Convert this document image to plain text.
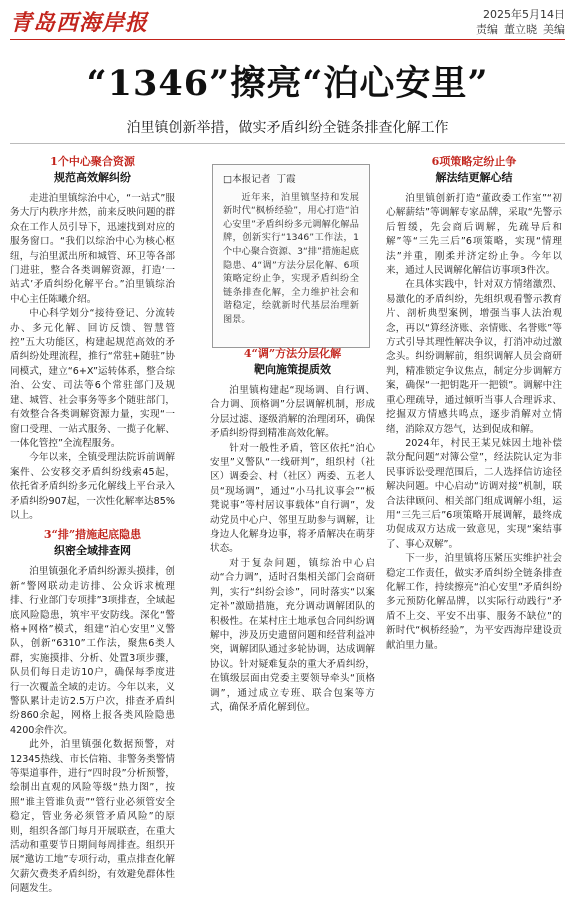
青岛西海岸报	2025年5月14日
责编 董立晓 美编
“1346”擦亮“泊心安里”
泊里镇创新举措，做实矛盾纠纷全链条排查化解工作
1个中心聚合资源
规范高效解纠纷

走进泊里镇综治中心，“一站式”服务大厅内秩序井然，前来反映问题的群众在工作人员引导下，迅速找到对应的服务窗口。“我们以综治中心为核心枢纽，与泊里派出所和城管、环卫等各部门进驻，整合各类调解资源，打造‘一站式’矛盾纠纷化解平台。”泊里镇综治中心主任陈曦介绍。

中心科学划分“接待登记、分流转办、多元化解、回访反馈、智慧管控”五大功能区，构建起规范高效的矛盾纠纷处理流程，推行“常驻+随驻”协同模式，建立“6+X”运转体系，整合综治、公安、司法等6个常驻部门及规建、城管、社会事务等多个随驻部门，有效整合各类调解资源力量，实现“一窗口受理、一站式服务、一揽子化解、一体化管控”全流程服务。

今年以来，全镇受理法院诉前调解案件、公安移交矛盾纠纷线索45起，依托省矛盾纠纷多元化解线上平台录入矛盾纠纷907起，一次性化解率达85%以上。

3“排”措施起底隐患
织密全域排查网

泊里镇强化矛盾纠纷源头摸排，创新“警网联动走访排、公众诉求梳理排、行业部门专项排”3项排查，全域起底风险隐患，筑牢平安防线。深化“警格+网格”模式，组建“泊心安里”义警队，创新“6310”工作法，聚焦6类人群，实施摸排、分析、处置3项步骤，队员们每日走访10户，确保每季度进行一次覆盖全域的走访。今年以来，义警队累计走访2.5万户次，排查矛盾纠纷860余起，网格上报各类风险隐患4200余件次。

此外，泊里镇强化数据预警，对12345热线、市长信箱、非警务类警情等渠道事件，进行“四时段”分析预警，绘制出直观的风险等级“热力图”，按照“谁主管谁负责”“管行业必须管安全稳定，管业务必须管矛盾风险”的原则，组织各部门每月开展联查，在重大活动和重要节日期间每周排查。组织开展“邀访工地”专项行动，重点排查化解欠薪欠费类矛盾纠纷，有效避免群体性问题发生。

□本报记者 丁霞
近年来，泊里镇坚持和发展新时代“枫桥经验”，用心打造“泊心安里”矛盾纠纷多元调解化解品牌，创新实行“1346”工作法，1个中心聚合资源、3“排”措施起底隐患、4“调”方法分层化解、6项策略定纷止争，实现矛盾纠纷全链条排查化解，全力维护社会和谐稳定，绘就新时代基层治理新图景。
4“调”方法分层化解
靶向施策提质效

泊里镇构建起“现场调、自行调、合力调、顶格调”分层调解机制，形成分层过滤、逐级消解的治理闭环，确保矛盾纠纷得到精准高效化解。

针对一般性矛盾，管区依托“泊心安里”义警队“一线研判”，组织村（社区）调委会、村（社区）两委、五老人员“现场调”，通过“小马扎议事会”“板凳说事”等村居议事载体“自行调”，发动党员中心户、邻里互助参与调解，让身边人化解身边事，将矛盾解决在萌芽状态。

对于复杂问题，镇综治中心启动“合力调”，适时召集相关部门会商研判，实行“纠纷会诊”，同时落实“以案定补”激励措施，充分调动调解团队的积极性。在某村庄土地承包合同纠纷调解中，涉及历史遗留问题和经营利益冲突，调解团队通过多轮协调，达成调解协议。针对疑难复杂的重大矛盾纠纷，在镇级层面由党委主要领导牵头“顶格调”，通过成立专班、联合包案等方式，确保矛盾化解到位。

6项策略定纷止争
解法结更解心结

泊里镇创新打造“董政委工作室”“初心解薪结”等调解专家品牌，采取“先警示后暂缓，先会商后调解，先疏导后和解”等“三先三后”6项策略，实现“情理法”并重，刚柔并济定纷止争。今年以来，通过人民调解化解信访事项3件次。

在具体实践中，针对双方情绪激烈、易激化的矛盾纠纷，先组织观看警示教育片、剖析典型案例，增强当事人法治观念，再以“算经济账、亲情账、名誉账”等方式引导其理性解决争议，打消冲动过激念头。纠纷调解前，组织调解人员会商研判，精准锁定争议焦点，制定分步调解方案，确保“一把钥匙开一把锁”。调解中注重心理疏导，通过倾听当事人合理诉求、挖掘双方情感共鸣点，逐步消解对立情绪，消除双方怨气，达到促成和解。

2024年，村民王某兄妹因土地补偿款分配问题“对簿公堂”，经法院认定为非民事诉讼受理范围后，二人选择信访途径解决问题。中心启动“访调对接”机制，联合法律顾问、相关部门组成调解小组，运用“三先三后”6项策略开展调解，最终成功促成双方达成一致意见，实现“案结事了、事心双解”。

下一步，泊里镇将压紧压实维护社会稳定工作责任，做实矛盾纠纷全链条排查化解工作，持续擦亮“泊心安里”矛盾纠纷多元预防化解品牌，以实际行动践行“矛盾不上交、平安不出事、服务不缺位”的新时代“枫桥经验”，为平安西海岸建设贡献泊里力量。
